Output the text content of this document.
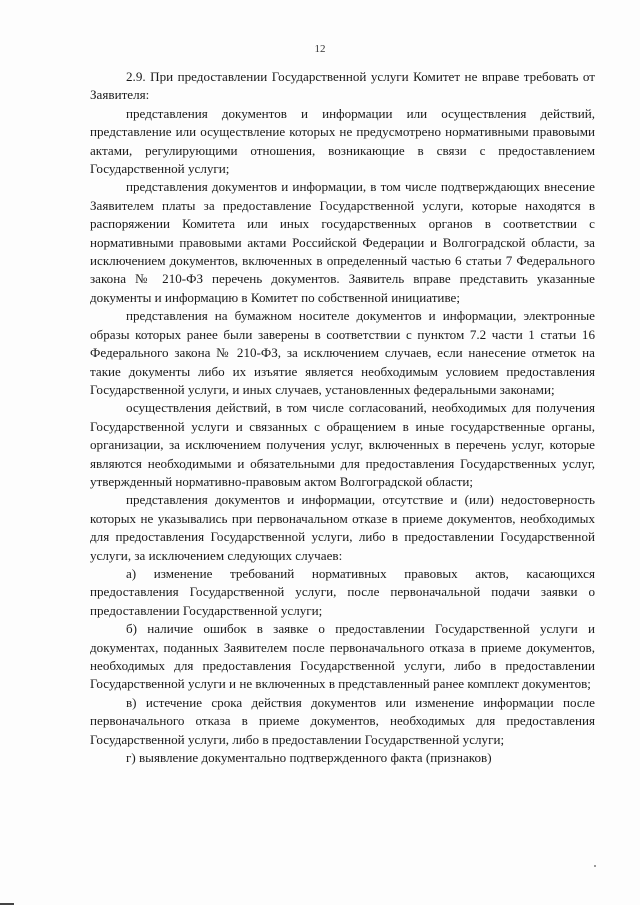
12

2.9. При предоставлении Государственной услуги Комитет не вправе требовать от Заявителя:

представления документов и информации или осуществления действий, представление или осуществление которых не предусмотрено нормативными правовыми актами, регулирующими отношения, возникающие в связи с предоставлением Государственной услуги;

представления документов и информации, в том числе подтверждающих внесение Заявителем платы за предоставление Государственной услуги, которые находятся в распоряжении Комитета или иных государственных органов в соответствии с нормативными правовыми актами Российской Федерации и Волгоградской области, за исключением документов, включенных в определенный частью 6 статьи 7 Федерального закона № 210-ФЗ перечень документов. Заявитель вправе представить указанные документы и информацию в Комитет по собственной инициативе;

представления на бумажном носителе документов и информации, электронные образы которых ранее были заверены в соответствии с пунктом 7.2 части 1 статьи 16 Федерального закона № 210-ФЗ, за исключением случаев, если нанесение отметок на такие документы либо их изъятие является необходимым условием предоставления Государственной услуги, и иных случаев, установленных федеральными законами;

осуществления действий, в том числе согласований, необходимых для получения Государственной услуги и связанных с обращением в иные государственные органы, организации, за исключением получения услуг, включенных в перечень услуг, которые являются необходимыми и обязательными для предоставления Государственных услуг, утвержденный нормативно-правовым актом Волгоградской области;

представления документов и информации, отсутствие и (или) недостоверность которых не указывались при первоначальном отказе в приеме документов, необходимых для предоставления Государственной услуги, либо в предоставлении Государственной услуги, за исключением следующих случаев:

а) изменение требований нормативных правовых актов, касающихся предоставления Государственной услуги, после первоначальной подачи заявки о предоставлении Государственной услуги;

б) наличие ошибок в заявке о предоставлении Государственной услуги и документах, поданных Заявителем после первоначального отказа в приеме документов, необходимых для предоставления Государственной услуги, либо в предоставлении Государственной услуги и не включенных в представленный ранее комплект документов;

в) истечение срока действия документов или изменение информации после первоначального отказа в приеме документов, необходимых для предоставления Государственной услуги, либо в предоставлении Государственной услуги;

г) выявление документально подтвержденного факта (признаков)
